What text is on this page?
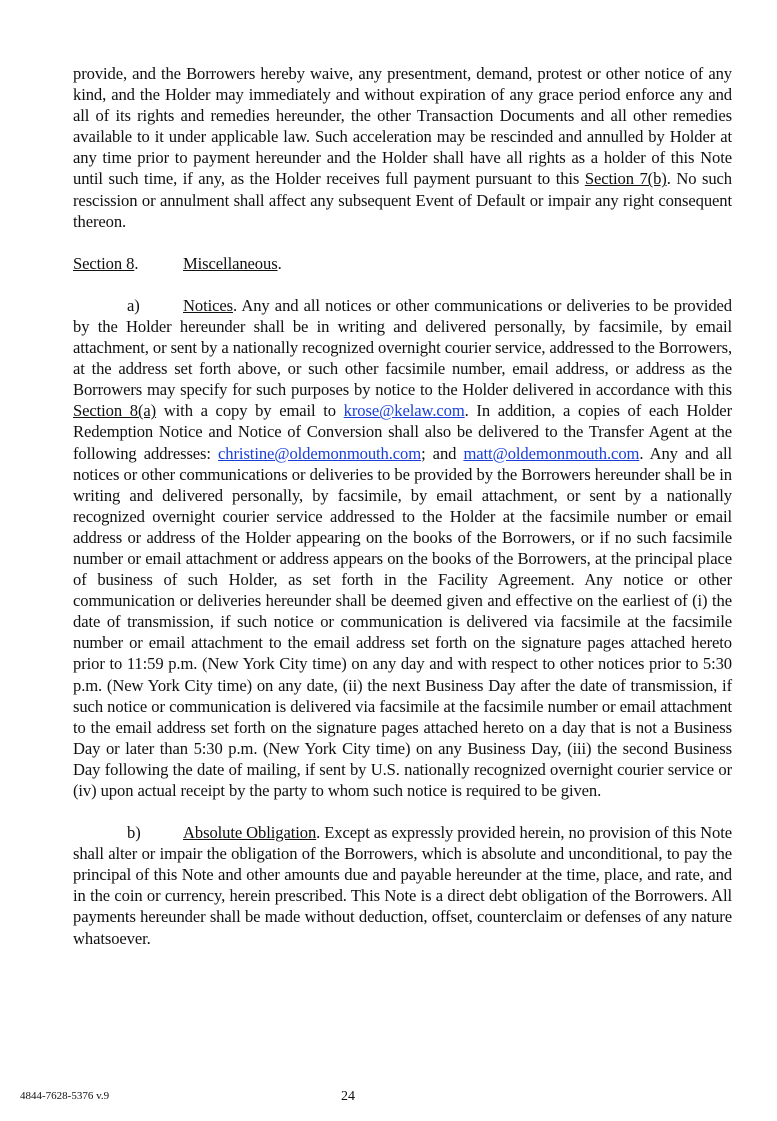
provide, and the Borrowers hereby waive, any presentment, demand, protest or other notice of any kind, and the Holder may immediately and without expiration of any grace period enforce any and all of its rights and remedies hereunder, the other Transaction Documents and all other remedies available to it under applicable law. Such acceleration may be rescinded and annulled by Holder at any time prior to payment hereunder and the Holder shall have all rights as a holder of this Note until such time, if any, as the Holder receives full payment pursuant to this Section 7(b). No such rescission or annulment shall affect any subsequent Event of Default or impair any right consequent thereon.

Section 8.	Miscellaneous.

a)	Notices. Any and all notices or other communications or deliveries to be provided by the Holder hereunder shall be in writing and delivered personally, by facsimile, by email attachment, or sent by a nationally recognized overnight courier service, addressed to the Borrowers, at the address set forth above, or such other facsimile number, email address, or address as the Borrowers may specify for such purposes by notice to the Holder delivered in accordance with this Section 8(a) with a copy by email to krose@kelaw.com. In addition, a copies of each Holder Redemption Notice and Notice of Conversion shall also be delivered to the Transfer Agent at the following addresses: christine@oldemonmouth.com; and matt@oldemonmouth.com. Any and all notices or other communications or deliveries to be provided by the Borrowers hereunder shall be in writing and delivered personally, by facsimile, by email attachment, or sent by a nationally recognized overnight courier service addressed to the Holder at the facsimile number or email address or address of the Holder appearing on the books of the Borrowers, or if no such facsimile number or email attachment or address appears on the books of the Borrowers, at the principal place of business of such Holder, as set forth in the Facility Agreement. Any notice or other communication or deliveries hereunder shall be deemed given and effective on the earliest of (i) the date of transmission, if such notice or communication is delivered via facsimile at the facsimile number or email attachment to the email address set forth on the signature pages attached hereto prior to 11:59 p.m. (New York City time) on any day and with respect to other notices prior to 5:30 p.m. (New York City time) on any date, (ii) the next Business Day after the date of transmission, if such notice or communication is delivered via facsimile at the facsimile number or email attachment to the email address set forth on the signature pages attached hereto on a day that is not a Business Day or later than 5:30 p.m. (New York City time) on any Business Day, (iii) the second Business Day following the date of mailing, if sent by U.S. nationally recognized overnight courier service or (iv) upon actual receipt by the party to whom such notice is required to be given.

b)	Absolute Obligation. Except as expressly provided herein, no provision of this Note shall alter or impair the obligation of the Borrowers, which is absolute and unconditional, to pay the principal of this Note and other amounts due and payable hereunder at the time, place, and rate, and in the coin or currency, herein prescribed. This Note is a direct debt obligation of the Borrowers. All payments hereunder shall be made without deduction, offset, counterclaim or defenses of any nature whatsoever.

4844-7628-5376 v.9	24
